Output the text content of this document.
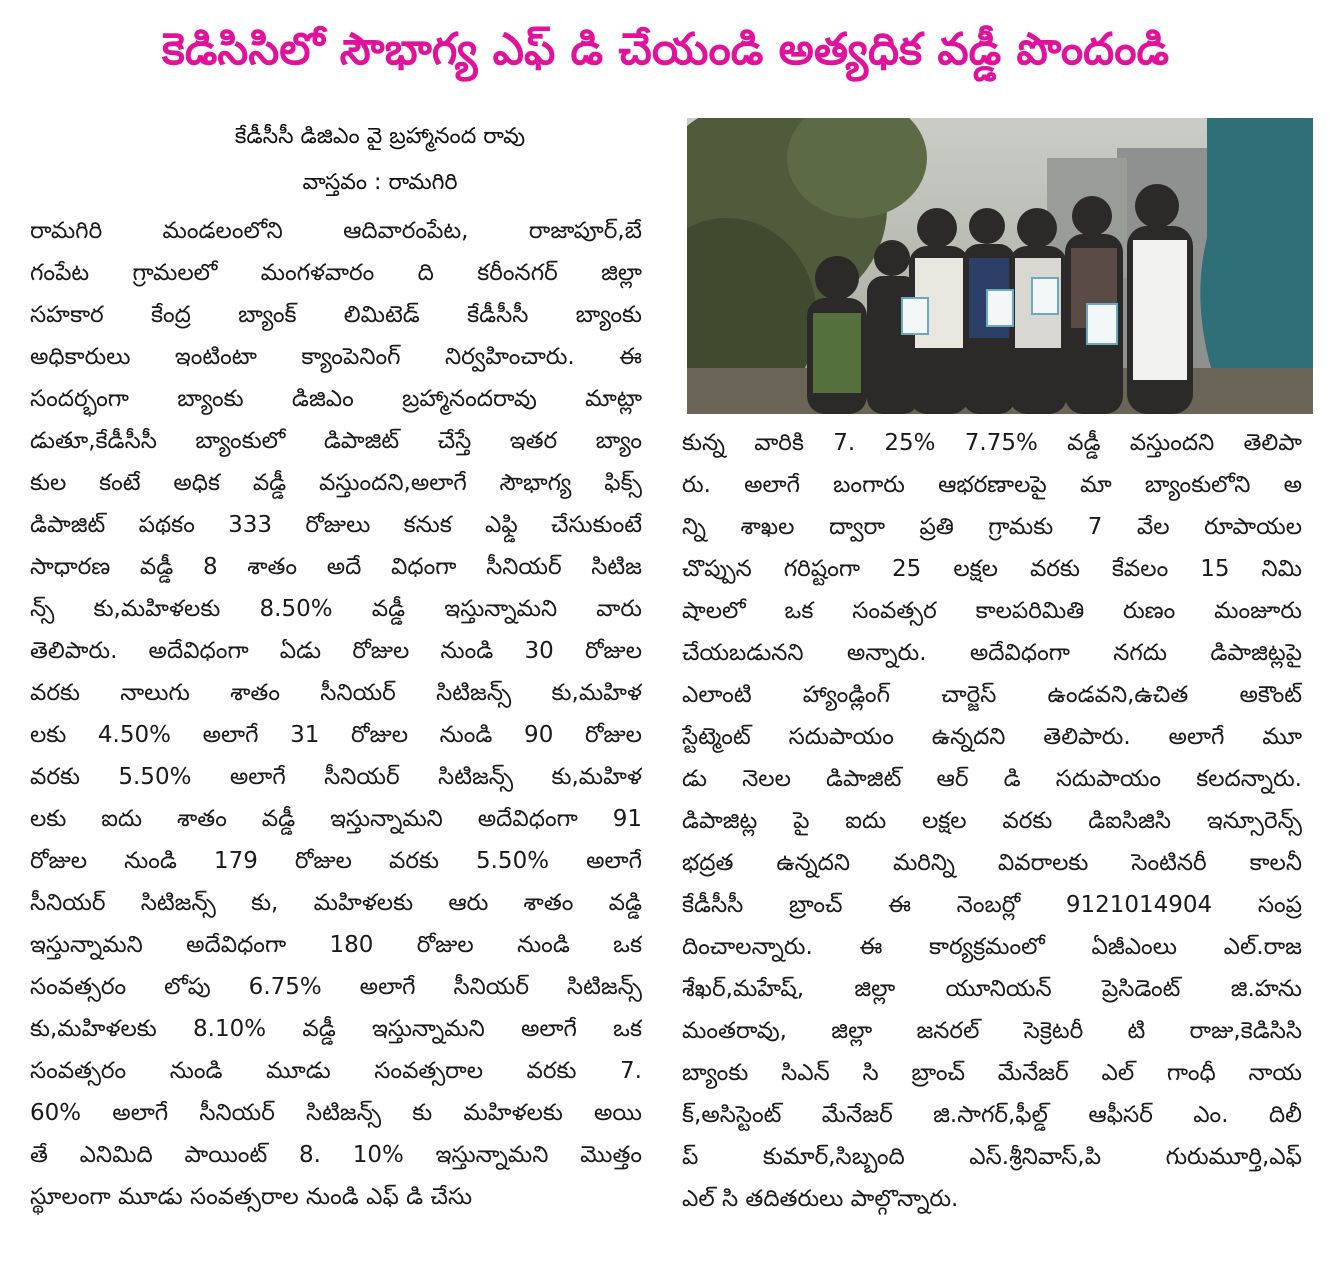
కెడిసిసిలో సౌభాగ్య ఎఫ్ డి చేయండి అత్యధిక వడ్డీ పొందండి
కేడీసీసీ డిజిఎం వై బ్రహ్మానంద రావు
వాస్తవం : రామగిరి
రామగిరి మండలంలోని ఆదివారంపేట, రాజాపూర్,బే
గంపేట గ్రామలలో మంగళవారం ది కరీంనగర్ జిల్లా
సహకార కేంద్ర బ్యాంక్ లిమిటెడ్ కేడీసీసీ బ్యాంకు
అధికారులు ఇంటింటా క్యాంపెనింగ్ నిర్వహించారు. ఈ
సందర్భంగా బ్యాంకు డిజిఎం బ్రహ్మానందరావు మాట్లా
డుతూ,కేడీసీసీ బ్యాంకులో డిపాజిట్ చేస్తే ఇతర బ్యాం
కుల కంటే అధిక వడ్డీ వస్తుందని,అలాగే సౌభాగ్య ఫిక్స్
డిపాజిట్ పథకం 333 రోజులు కనుక ఎఫ్డి చేసుకుంటే
సాధారణ వడ్డీ 8 శాతం అదే విధంగా సీనియర్ సిటిజ
న్స్ కు,మహిళలకు 8.50% వడ్డీ ఇస్తున్నామని వారు
తెలిపారు. అదేవిధంగా ఏడు రోజుల నుండి 30 రోజుల
వరకు నాలుగు శాతం సీనియర్ సిటిజన్స్ కు,మహిళ
లకు 4.50% అలాగే 31 రోజుల నుండి 90 రోజుల
వరకు 5.50% అలాగే సీనియర్ సిటిజన్స్ కు,మహిళ
లకు ఐదు శాతం వడ్డీ ఇస్తున్నామని అదేవిధంగా 91
రోజుల నుండి 179 రోజుల వరకు 5.50% అలాగే
సీనియర్ సిటిజన్స్ కు, మహిళలకు ఆరు శాతం వడ్డి
ఇస్తున్నామని అదేవిధంగా 180 రోజుల నుండి ఒక
సంవత్సరం లోపు 6.75% అలాగే సీనియర్ సిటిజన్స్
కు,మహిళలకు 8.10% వడ్డీ ఇస్తున్నామని అలాగే ఒక
సంవత్సరం నుండి మూడు సంవత్సరాల వరకు 7.
60% అలాగే సీనియర్ సిటిజన్స్ కు మహిళలకు అయి
తే ఎనిమిది పాయింట్ 8. 10% ఇస్తున్నామని మొత్తం
స్థూలంగా మూడు సంవత్సరాల నుండి ఎఫ్ డి చేసు
కున్న వారికి 7. 25% 7.75% వడ్డీ వస్తుందని తెలిపా
రు. అలాగే బంగారు ఆభరణాలపై మా బ్యాంకులోని అ
న్ని శాఖల ద్వారా ప్రతి గ్రామకు 7 వేల రూపాయల
చొప్పున గరిష్టంగా 25 లక్షల వరకు కేవలం 15 నిమి
షాలలో ఒక సంవత్సర కాలపరిమితి రుణం మంజూరు
చేయబడునని అన్నారు. అదేవిధంగా నగదు డిపాజిట్లపై
ఎలాంటి హ్యాండ్లింగ్ చార్జెస్ ఉండవని,ఉచిత అకౌంట్
స్టేట్మెంట్ సదుపాయం ఉన్నదని తెలిపారు. అలాగే మూ
డు నెలల డిపాజిట్ ఆర్ డి సదుపాయం కలదన్నారు.
డిపాజిట్ల పై ఐదు లక్షల వరకు డిఐసిజిసి ఇన్సూరెన్స్
భద్రత ఉన్నదని మరిన్ని వివరాలకు సెంటినరీ కాలనీ
కేడీసీసీ బ్రాంచ్ ఈ నెంబర్లో 9121014904 సంప్ర
దించాలన్నారు. ఈ కార్యక్రమంలో ఏజీఎంలు ఎల్.రాజ
శేఖర్,మహేష్, జిల్లా యూనియన్ ప్రెసిడెంట్ జి.హను
మంతరావు, జిల్లా జనరల్ సెక్రెటరీ టి రాజు,కెడిసిసి
బ్యాంకు సిఎన్ సి బ్రాంచ్ మేనేజర్ ఎల్ గాంధీ నాయ
క్,అసిస్టెంట్ మేనేజర్ జి.సాగర్,ఫీల్డ్ ఆఫీసర్ ఎం. దిలీ
ప్ కుమార్,సిబ్బంది ఎస్.శ్రీనివాస్,పి గురుమూర్తి,ఎఫ్
ఎల్ సి తదితరులు పాల్గొన్నారు.
